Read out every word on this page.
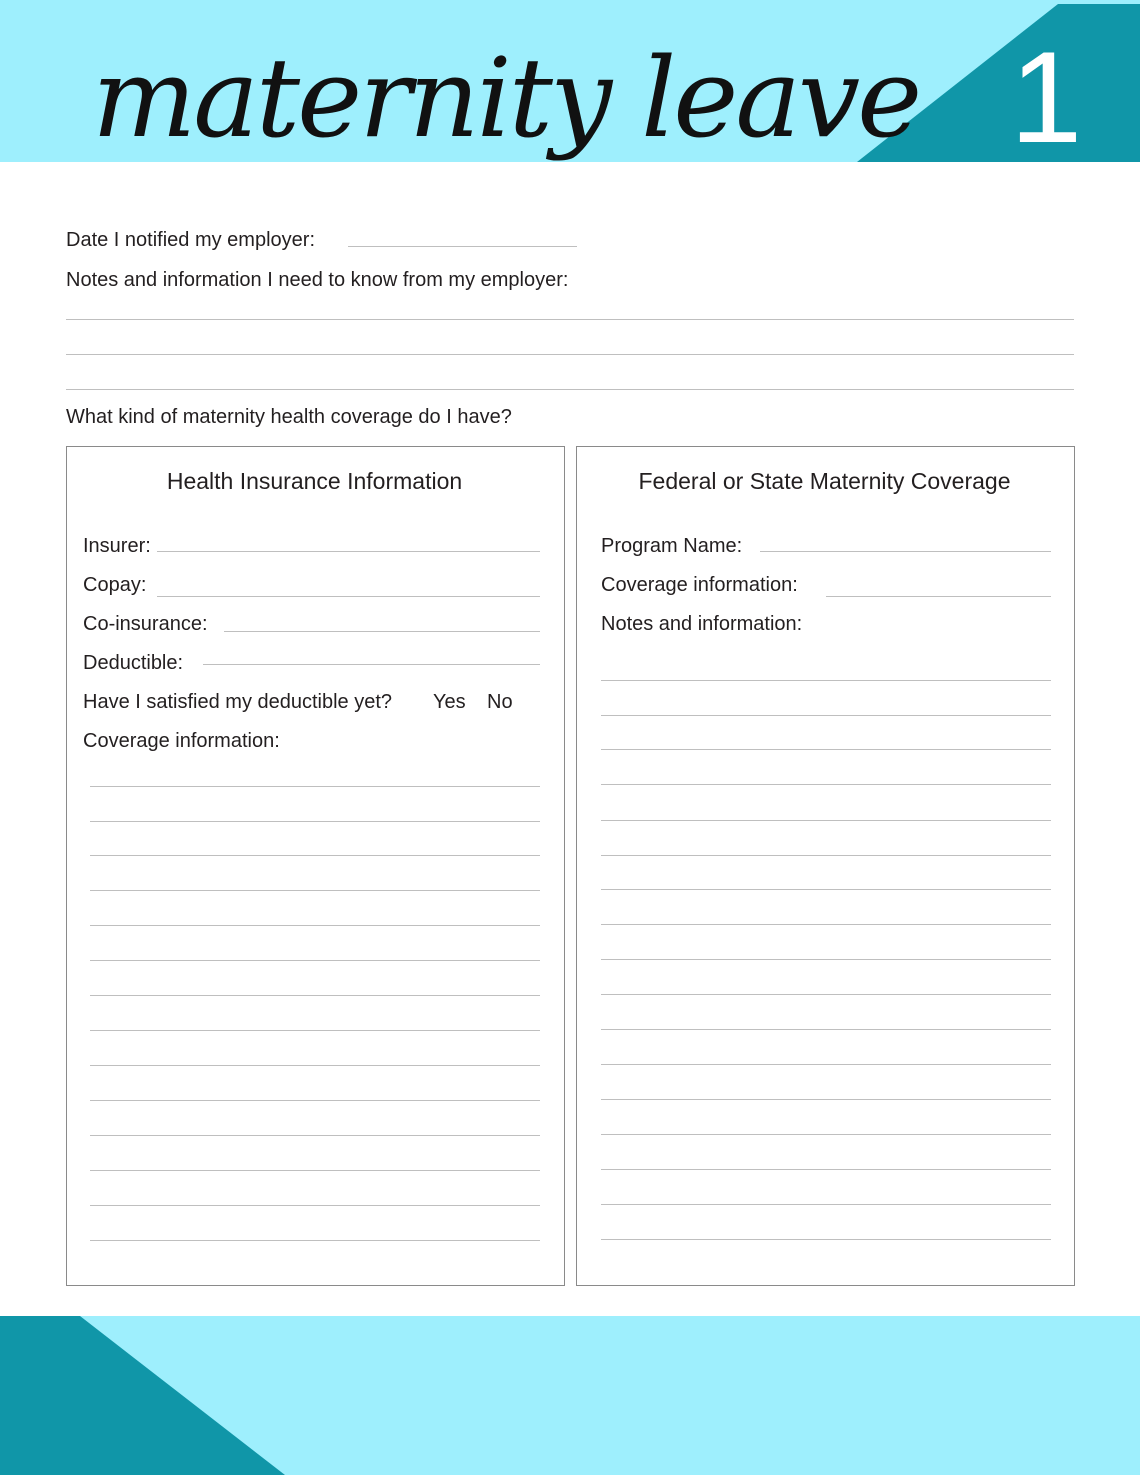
maternity leave 1
Date I notified my employer:
Notes and information I need to know from my employer:
What kind of maternity health coverage do I have?
Health Insurance Information
Insurer:
Copay:
Co-insurance:
Deductible:
Have I satisfied my deductible yet? Yes No
Coverage information:
Federal or State Maternity Coverage
Program Name:
Coverage information:
Notes and information:
